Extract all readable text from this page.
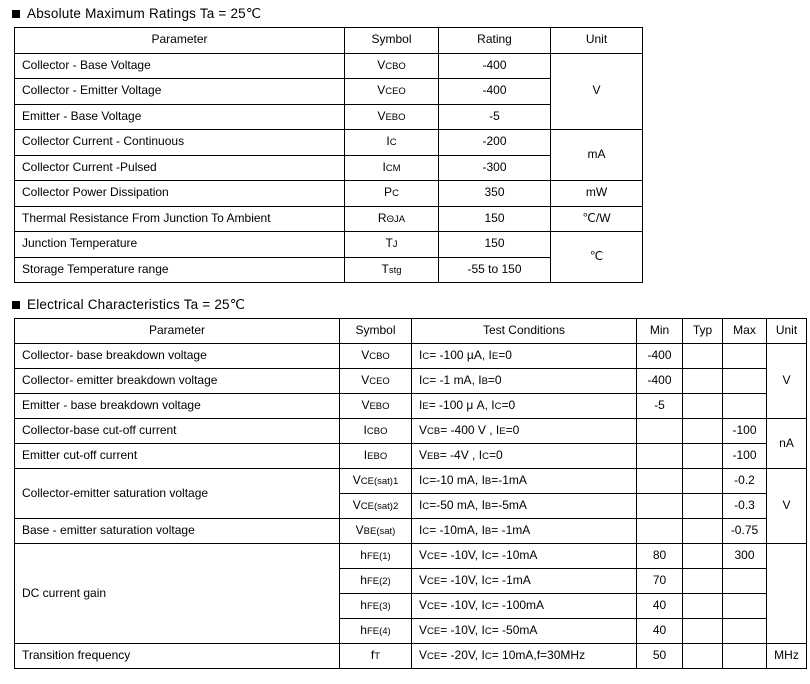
Absolute Maximum Ratings Ta = 25℃
Parameter	Symbol	Rating	Unit
Collector - Base Voltage	VCBO	-400	V
Collector - Emitter Voltage	VCEO	-400	
Emitter - Base Voltage	VEBO	-5	
Collector Current - Continuous	IC	-200	mA
Collector Current -Pulsed	ICM	-300	
Collector Power Dissipation	PC	350	mW
Thermal Resistance From Junction To Ambient	RΘJA	150	℃/W
Junction Temperature	TJ	150	℃
Storage Temperature range	Tstg	-55 to 150	
Electrical Characteristics Ta = 25℃
Parameter	Symbol	Test Conditions	Min	Typ	Max	Unit
Collector- base breakdown voltage	VCBO	IC= -100 µA, IE=0	-400			V
Collector- emitter breakdown voltage	VCEO	IC= -1 mA, IB=0	-400			
Emitter - base breakdown voltage	VEBO	IE= -100 μ A, IC=0	-5			
Collector-base cut-off current	ICBO	VCB= -400 V , IE=0			-100	nA
Emitter cut-off current	IEBO	VEB= -4V , IC=0			-100	
Collector-emitter saturation voltage	VCE(sat)1	IC=-10 mA, IB=-1mA			-0.2	V
	VCE(sat)2	IC=-50 mA, IB=-5mA			-0.3	
Base - emitter saturation voltage	VBE(sat)	IC= -10mA, IB= -1mA			-0.75	
DC current gain	hFE(1)	VCE= -10V, IC= -10mA	80		300	
	hFE(2)	VCE= -10V, IC= -1mA	70			
	hFE(3)	VCE= -10V, IC= -100mA	40			
	hFE(4)	VCE= -10V, IC= -50mA	40			
Transition frequency	fT	VCE= -20V, IC= 10mA,f=30MHz	50			MHz
